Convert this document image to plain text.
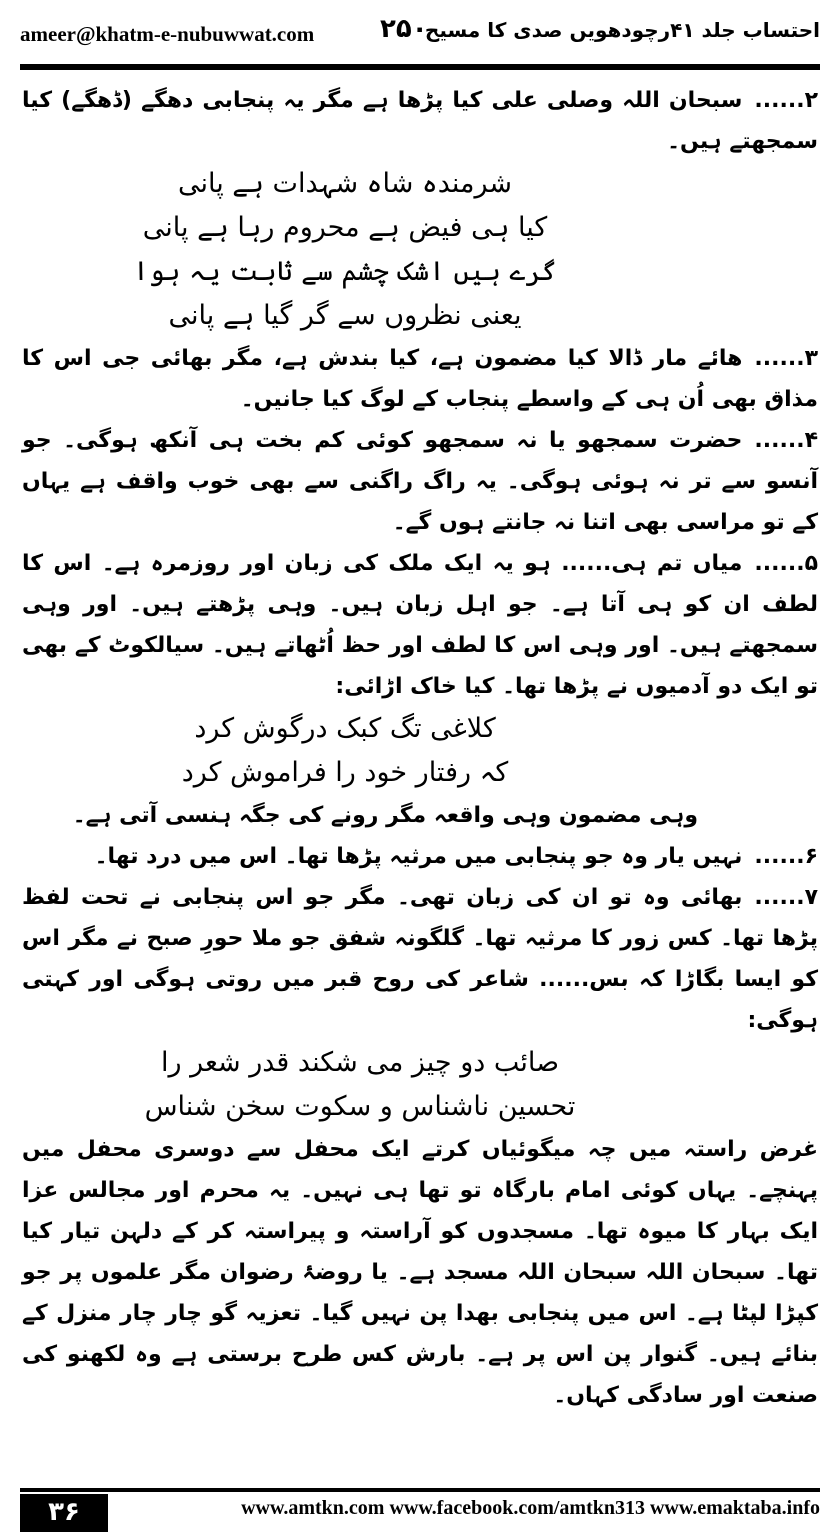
ameer@khatm-e-nubuwwat.com	۲۵۰
احتساب جلد ۴۱رچودھویں صدی کا مسیح

۲......سبحان اللہ وصلی علی کیا پڑھا ہے مگر یہ پنجابی دھگے (ڈھگے) کیا سمجھتے ہیں۔

شرمندہ شاہ شہدات ہے پانی

کیا ہی فیض ہے محروم رہا ہے پانی

گرے ہیں اشک چشم سے ثابت یہ ہوا

یعنی نظروں سے گر گیا ہے پانی

۳......ھائے مار ڈالا کیا مضمون ہے، کیا بندش ہے، مگر بھائی جی اس کا مذاق بھی اُن ہی کے واسطے پنجاب کے لوگ کیا جانیں۔

۴......حضرت سمجھو یا نہ سمجھو کوئی کم بخت ہی آنکھ ہوگی۔ جو آنسو سے تر نہ ہوئی ہوگی۔ یہ راگ راگنی سے بھی خوب واقف ہے یہاں کے تو مراسی بھی اتنا نہ جانتے ہوں گے۔

۵......میاں تم ہی...... ہو یہ ایک ملک کی زبان اور روزمرہ ہے۔ اس کا لطف ان کو ہی آتا ہے۔ جو اہل زبان ہیں۔ وہی پڑھتے ہیں۔ اور وہی سمجھتے ہیں۔ اور وہی اس کا لطف اور حظ اُٹھاتے ہیں۔ سیالکوٹ کے بھی تو ایک دو آدمیوں نے پڑھا تھا۔ کیا خاک اڑائی:

کلاغی تگ کبک درگوش کرد

کہ رفتار خود را فراموش کرد

وہی مضمون وہی واقعہ مگر رونے کی جگہ ہنسی آتی ہے۔

۶......نہیں یار وہ جو پنجابی میں مرثیہ پڑھا تھا۔ اس میں درد تھا۔

۷......بھائی وہ تو ان کی زبان تھی۔ مگر جو اس پنجابی نے تحت لفظ پڑھا تھا۔ کس زور کا مرثیہ تھا۔ گلگونہ شفق جو ملا حورِ صبح نے مگر اس کو ایسا بگاڑا کہ بس...... شاعر کی روح قبر میں روتی ہوگی اور کہتی ہوگی:

صائب دو چیز می شکند قدر شعر را

تحسین ناشناس و سکوت سخن شناس

غرض راستہ میں چہ میگوئیاں کرتے ایک محفل سے دوسری محفل میں پہنچے۔ یہاں کوئی امام بارگاہ تو تھا ہی نہیں۔ یہ محرم اور مجالس عزا ایک بہار کا میوہ تھا۔ مسجدوں کو آراستہ و پیراستہ کر کے دلہن تیار کیا تھا۔ سبحان اللہ سبحان اللہ مسجد ہے۔ یا روضۂ رضوان مگر علموں پر جو کپڑا لپٹا ہے۔ اس میں پنجابی بھدا پن نہیں گیا۔ تعزیہ گو چار چار منزل کے بنائے ہیں۔ گنوار پن اس پر ہے۔ بارش کس طرح برستی ہے وہ لکھنو کی صنعت اور سادگی کہاں۔

۳۶	www.amtkn.com www.facebook.com/amtkn313 www.emaktaba.info
